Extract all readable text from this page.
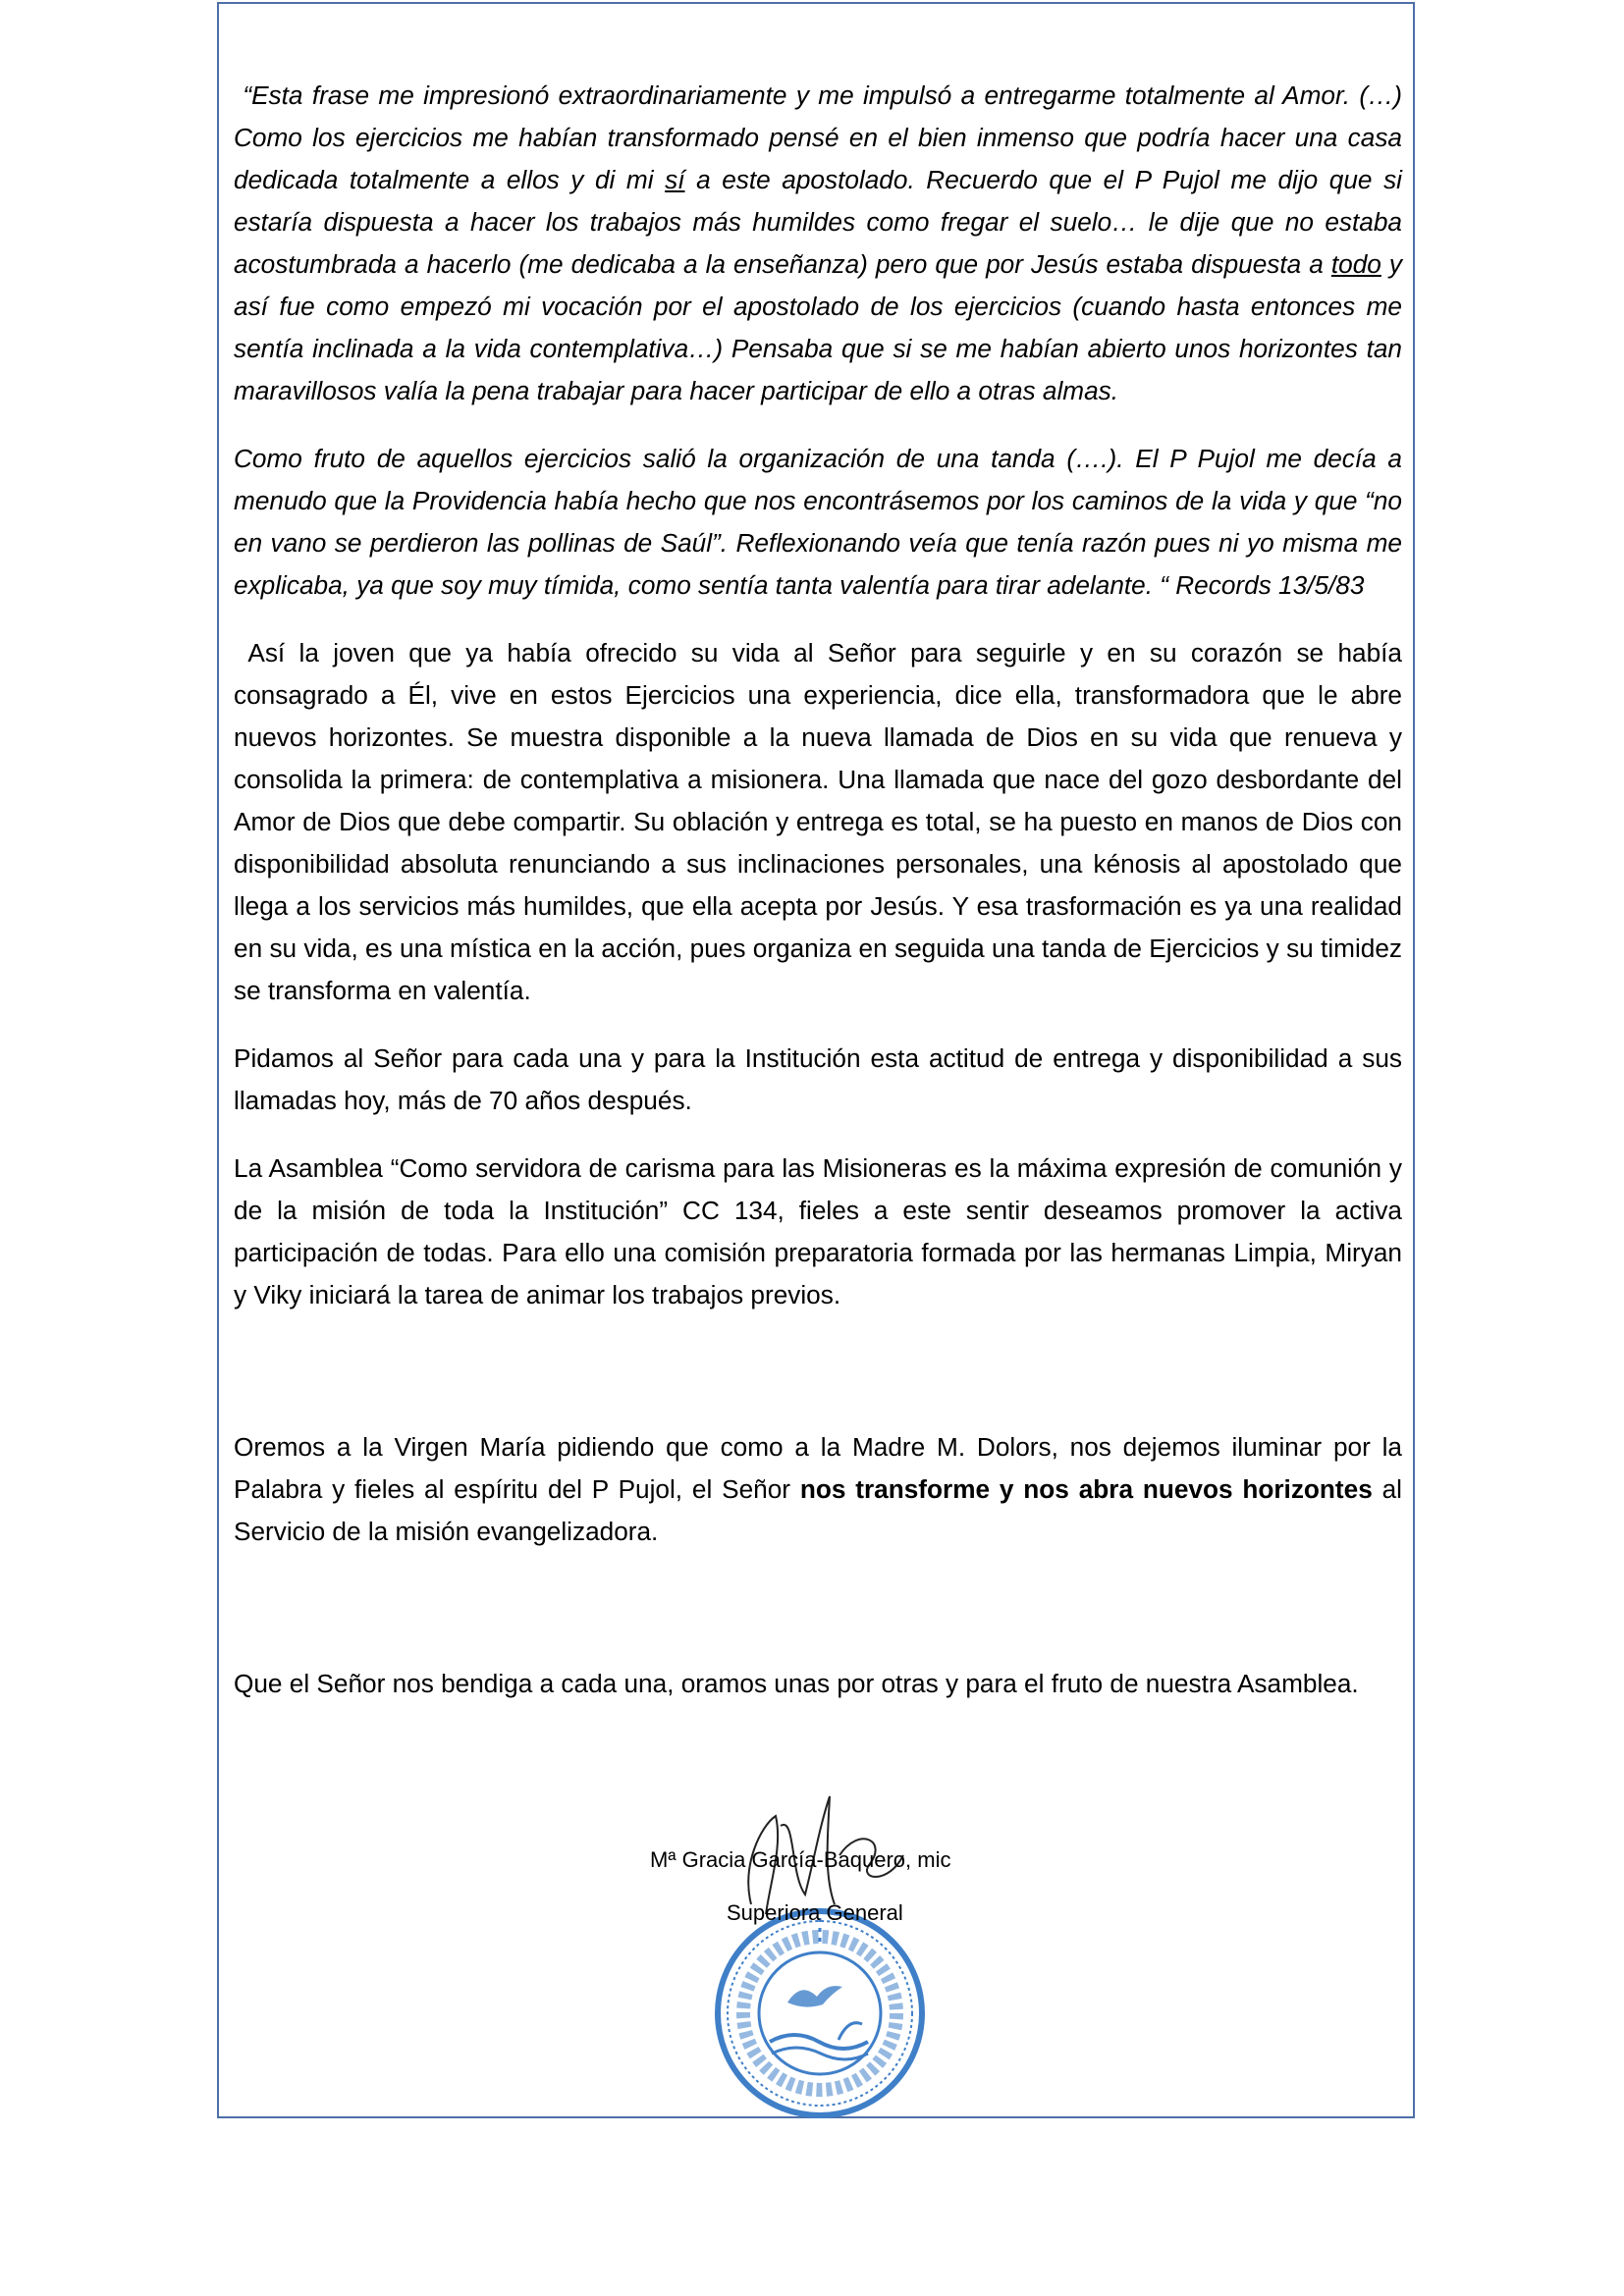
“Esta frase me impresionó extraordinariamente y me impulsó a entregarme totalmente al Amor. (…) Como los ejercicios me habían transformado pensé en el bien inmenso que podría hacer una casa dedicada totalmente a ellos y di mi sí a este apostolado. Recuerdo que el P Pujol me dijo que si estaría dispuesta a hacer los trabajos más humildes como fregar el suelo… le dije que no estaba acostumbrada a hacerlo (me dedicaba a la enseñanza) pero que por Jesús estaba dispuesta a todo y así fue como empezó mi vocación por el apostolado de los ejercicios (cuando hasta entonces me sentía inclinada a la vida contemplativa…) Pensaba que si se me habían abierto unos horizontes tan maravillosos valía la pena trabajar para hacer participar de ello a otras almas.

Como fruto de aquellos ejercicios salió la organización de una tanda (….). El P Pujol me decía a menudo que la Providencia había hecho que nos encontrásemos por los caminos de la vida y que “no en vano se perdieron las pollinas de Saúl”. Reflexionando veía que tenía razón pues ni yo misma me explicaba, ya que soy muy tímida, como sentía tanta valentía para tirar adelante. “ Records 13/5/83

Así la joven que ya había ofrecido su vida al Señor para seguirle y en su corazón se había consagrado a Él, vive en estos Ejercicios una experiencia, dice ella, transformadora que le abre nuevos horizontes. Se muestra disponible a la nueva llamada de Dios en su vida que renueva y consolida la primera: de contemplativa a misionera. Una llamada que nace del gozo desbordante del Amor de Dios que debe compartir. Su oblación y entrega es total, se ha puesto en manos de Dios con disponibilidad absoluta renunciando a sus inclinaciones personales, una kénosis al apostolado que llega a los servicios más humildes, que ella acepta por Jesús. Y esa trasformación es ya una realidad en su vida, es una mística en la acción, pues organiza en seguida una tanda de Ejercicios y su timidez se transforma en valentía.

Pidamos al Señor para cada una y para la Institución esta actitud de entrega y disponibilidad a sus llamadas hoy, más de 70 años después.

La Asamblea “Como servidora de carisma para las Misioneras es la máxima expresión de comunión y de la misión de toda la Institución” CC 134, fieles a este sentir deseamos promover la activa participación de todas. Para ello una comisión preparatoria formada por las hermanas Limpia, Miryan y Viky iniciará la tarea de animar los trabajos previos.

Oremos a la Virgen María pidiendo que como a la Madre M. Dolors, nos dejemos iluminar por la Palabra y fieles al espíritu del P Pujol, el Señor nos transforme y nos abra nuevos horizontes al Servicio de la misión evangelizadora.

Que el Señor nos bendiga a cada una, oramos unas por otras y para el fruto de nuestra Asamblea.

Mª Gracia García-Baquero, mic
Superiora General
